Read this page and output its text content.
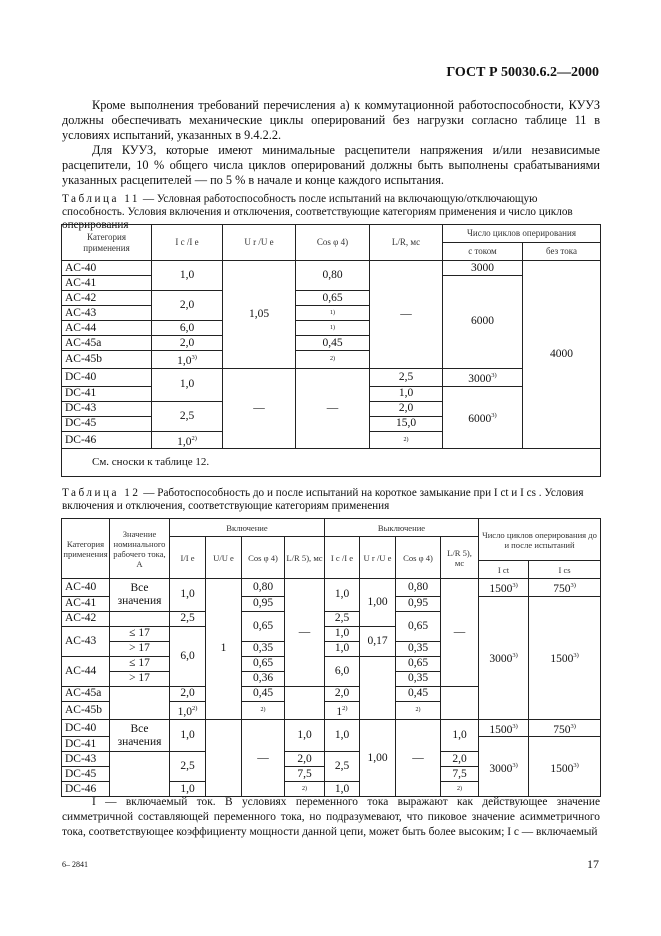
ГОСТ Р 50030.6.2—2000

Кроме выполнения требований перечисления а) к коммутационной работоспособности, КУУЗ должны обеспечивать механические циклы оперирований без нагрузки согласно таблице 11 в условиях испытаний, указанных в 9.4.2.2.

Для КУУЗ, которые имеют минимальные расцепители напряжения и/или независимые расцепители, 10 % общего числа циклов оперирований должны быть выполнены срабатываниями указанных расцепителей — по 5 % в начале и конце каждого испытания.

Таблица 11 — Условная работоспособность после испытаний на включающую/отключающую способность. Условия включения и отключения, соответствующие категориям применения и число циклов оперирования

Категория применения	I c /I e	U r /U e	Cos φ 4)	L/R, мс	Число циклов оперирования	
					с током	без тока
AC-40	1,0	1,05	0,80	—	3000	4000
AC-41					6000	
AC-42	2,0		0,65			
AC-43			1)			
AC-44	6,0		1)			
AC-45a	2,0		0,45			
AC-45b	1,0$^{3)}$		2)			
DC-40	1,0	—	—	2,5	3000$^{3)}$
DC-41				1,0	6000$^{3)}$
DC-43	2,5			2,0		
DC-45				15,0		
DC-46	1,0$^{2)}$			2)		
См. сноски к таблице 12.						

Таблица 12 — Работоспособность до и после испытаний на короткое замыкание при I ct и I cs . Условия включения и отключения, соответствующие категориям применения

Категория применения	Значение номинального рабочего тока, А	Включение				Выключение				Число циклов оперирования до и после испытаний	
		I/I e	U/U e	Cos φ 4)	L/R 5), мс	I c /I e	U r /U e	Cos φ 4)	L/R 5), мс		
										I ct	I cs
AC-40	Все значения	1,0	1	0,80	—	1,0	1,00	0,80	—	1500$^{3)}$	750$^{3)}$
AC-41				0,95				0,95		3000$^{3)}$	1500$^{3)}$
AC-42		2,5		0,65		2,5		0,65			
AC-43	≤ 17	6,0				1,0	0,17				
	> 17			0,35		1,0		0,35			
AC-44	≤ 17			0,65		6,0		0,65			
	> 17			0,36				0,35			
AC-45a		2,0		0,45		2,0		0,45			
AC-45b		1,0$^{2)}$		2)		1$^{2)}$		2)			
DC-40	Все значения	1,0		—	1,0	1,0	1,00	—	1,0	1500$^{3)}$	750$^{3)}$
DC-41										3000$^{3)}$	1500$^{3)}$
DC-43		2,5			2,0	2,5			2,0		
DC-45					7,5				7,5		
DC-46		1,0			2)	1,0			2)		

I — включаемый ток. В условиях переменного тока выражают как действующее значение симметричной составляющей переменного тока, но подразумевают, что пиковое значение асимметричного тока, соответствующее коэффициенту мощности данной цепи, может быть более высоким; I c — включаемый

6– 2841	17
